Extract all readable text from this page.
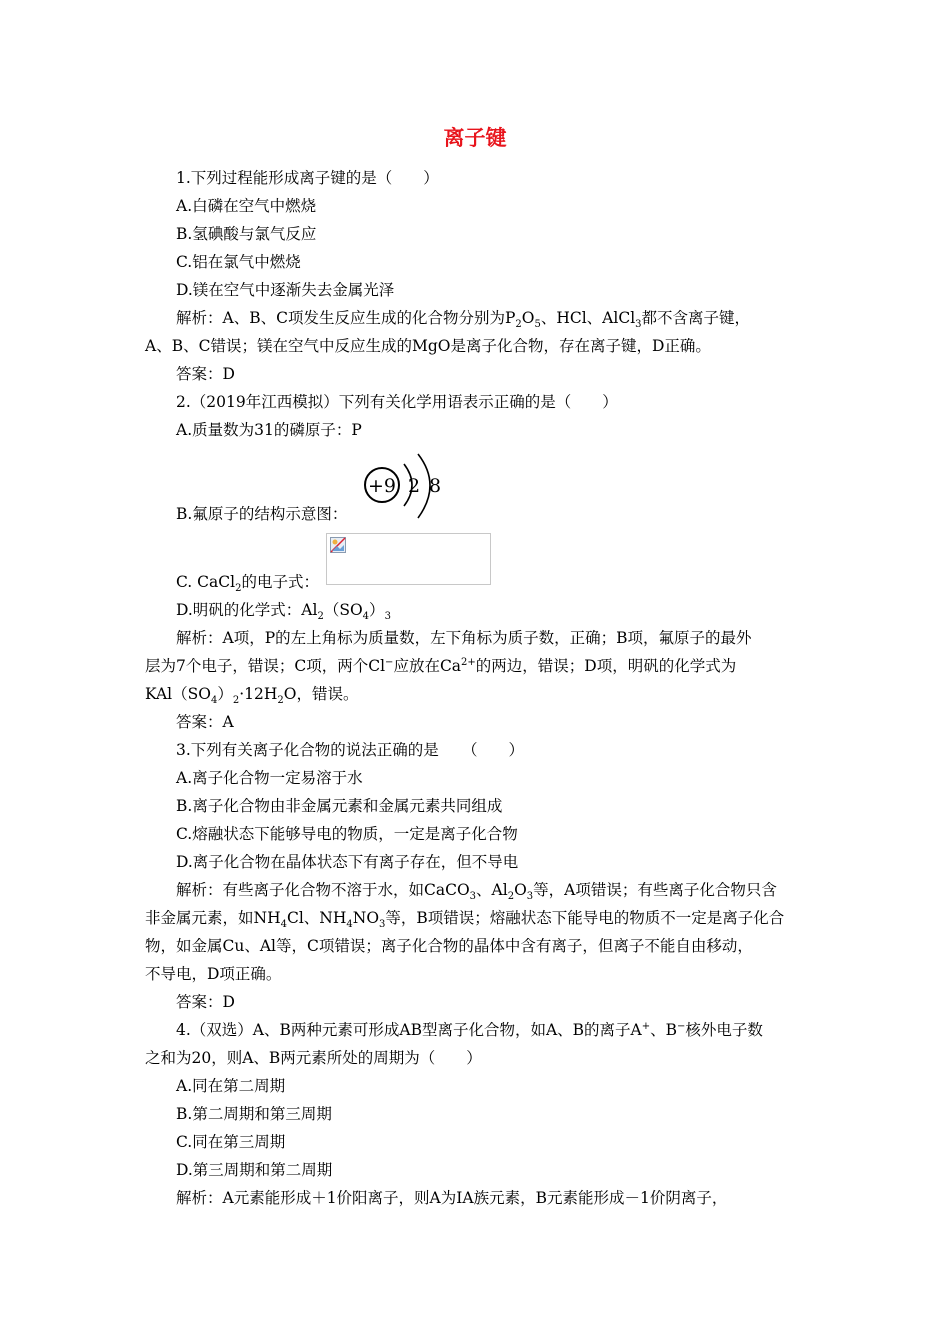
离子键
1.下列过程能形成离子键的是（　　）
A.白磷在空气中燃烧
B.氢碘酸与氯气反应
C.铝在氯气中燃烧
D.镁在空气中逐渐失去金属光泽
解析：A、B、C项发生反应生成的化合物分别为$P_2O_5$、HCl、AlCl$_3$都不含离子键，
A、B、C错误；镁在空气中反应生成的MgO是离子化合物，存在离子键，D正确。
答案：D
2.（2019年江西模拟）下列有关化学用语表示正确的是（　　）
A.质量数为31的磷原子：P
+9 2 8
B.氟原子的结构示意图：
C. CaCl$_2$的电子式：
D.明矾的化学式：$Al_2(SO_4)_3$
解析：A项，P的左上角标为质量数，左下角标为质子数，正确；B项，氟原子的最外
层为7个电子，错误；C项，两个Cl−应放在$Ca^{2+}$的两边，错误；D项，明矾的化学式为
$KAl(SO_4)_2\cdot 12H_2O$，错误。
答案：A
3.下列有关离子化合物的说法正确的是　　（　　）
A.离子化合物一定易溶于水
B.离子化合物由非金属元素和金属元素共同组成
C.熔融状态下能够导电的物质，一定是离子化合物
D.离子化合物在晶体状态下有离子存在，但不导电
解析：有些离子化合物不溶于水，如CaCO$_3$、$Al_2O_3$等，A项错误；有些离子化合物只含
非金属元素，如$NH_4Cl$、$NH_4NO_3$等，B项错误；熔融状态下能导电的物质不一定是离子化合
物，如金属Cu、Al等，C项错误；离子化合物的晶体中含有离子，但离子不能自由移动，
不导电，D项正确。
答案：D
4.（双选）A、B两种元素可形成AB型离子化合物，如A、B的离子A+、B−核外电子数
之和为20，则A、B两元素所处的周期为（　　）
A.同在第二周期
B.第二周期和第三周期
C.同在第三周期
D.第三周期和第二周期
解析：A元素能形成＋1价阳离子，则A为ⅠA族元素，B元素能形成－1价阴离子，
